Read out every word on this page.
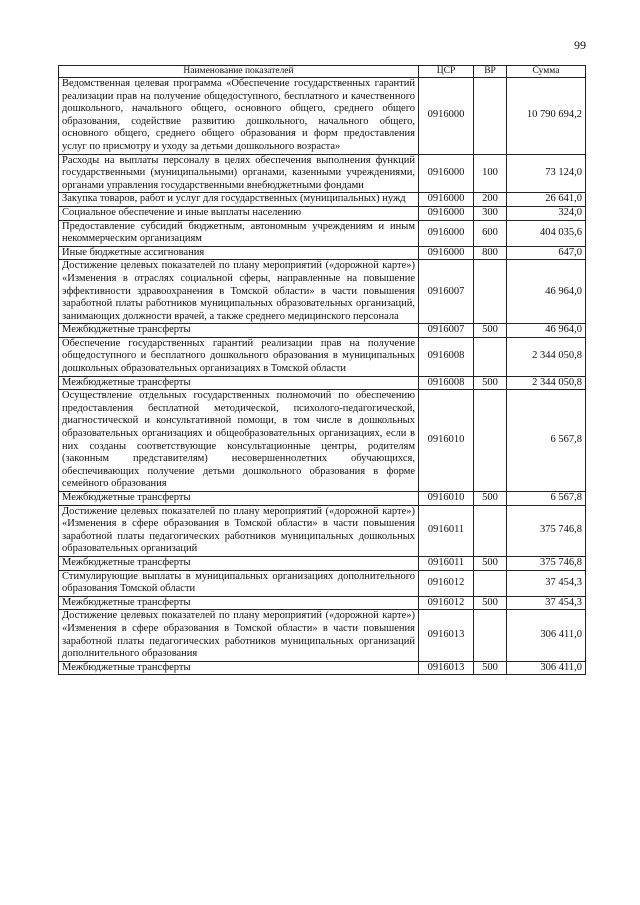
99
Наименование показателей	ЦСР	ВР	Сумма
Ведомственная целевая программа «Обеспечение государственных гарантий реализации прав на получение общедоступного, бесплатного и качественного дошкольного, начального общего, основного общего, среднего общего образования, содействие развитию дошкольного, начального общего, основного общего, среднего общего образования и форм предоставления услуг по присмотру и уходу за детьми дошкольного возраста»	0916000		10 790 694,2
Расходы на выплаты персоналу в целях обеспечения выполнения функций государственными (муниципальными) органами, казенными учреждениями, органами управления государственными внебюджетными фондами	0916000	100	73 124,0
Закупка товаров, работ и услуг для государственных (муниципальных) нужд	0916000	200	26 641,0
Социальное обеспечение и иные выплаты населению	0916000	300	324,0
Предоставление субсидий бюджетным, автономным учреждениям и иным некоммерческим организациям	0916000	600	404 035,6
Иные бюджетные ассигнования	0916000	800	647,0
Достижение целевых показателей по плану мероприятий («дорожной карте») «Изменения в отраслях социальной сферы, направленные на повышение эффективности здравоохранения в Томской области» в части повышения заработной платы работников муниципальных образовательных организаций, занимающих должности врачей, а также среднего медицинского персонала	0916007		46 964,0
Межбюджетные трансферты	0916007	500	46 964,0
Обеспечение государственных гарантий реализации прав на получение общедоступного и бесплатного дошкольного образования в муниципальных дошкольных образовательных организациях в Томской области	0916008		2 344 050,8
Межбюджетные трансферты	0916008	500	2 344 050,8
Осуществление отдельных государственных полномочий по обеспечению предоставления бесплатной методической, психолого-педагогической, диагностической и консультативной помощи, в том числе в дошкольных образовательных организациях и общеобразовательных организациях, если в них созданы соответствующие консультационные центры, родителям (законным представителям) несовершеннолетних обучающихся, обеспечивающих получение детьми дошкольного образования в форме семейного образования	0916010		6 567,8
Межбюджетные трансферты	0916010	500	6 567,8
Достижение целевых показателей по плану мероприятий («дорожной карте») «Изменения в сфере образования в Томской области» в части повышения заработной платы педагогических работников муниципальных дошкольных образовательных организаций	0916011		375 746,8
Межбюджетные трансферты	0916011	500	375 746,8
Стимулирующие выплаты в муниципальных организациях дополнительного образования Томской области	0916012		37 454,3
Межбюджетные трансферты	0916012	500	37 454,3
Достижение целевых показателей по плану мероприятий («дорожной карте») «Изменения в сфере образования в Томской области» в части повышения заработной платы педагогических работников муниципальных организаций дополнительного образования	0916013		306 411,0
Межбюджетные трансферты	0916013	500	306 411,0
